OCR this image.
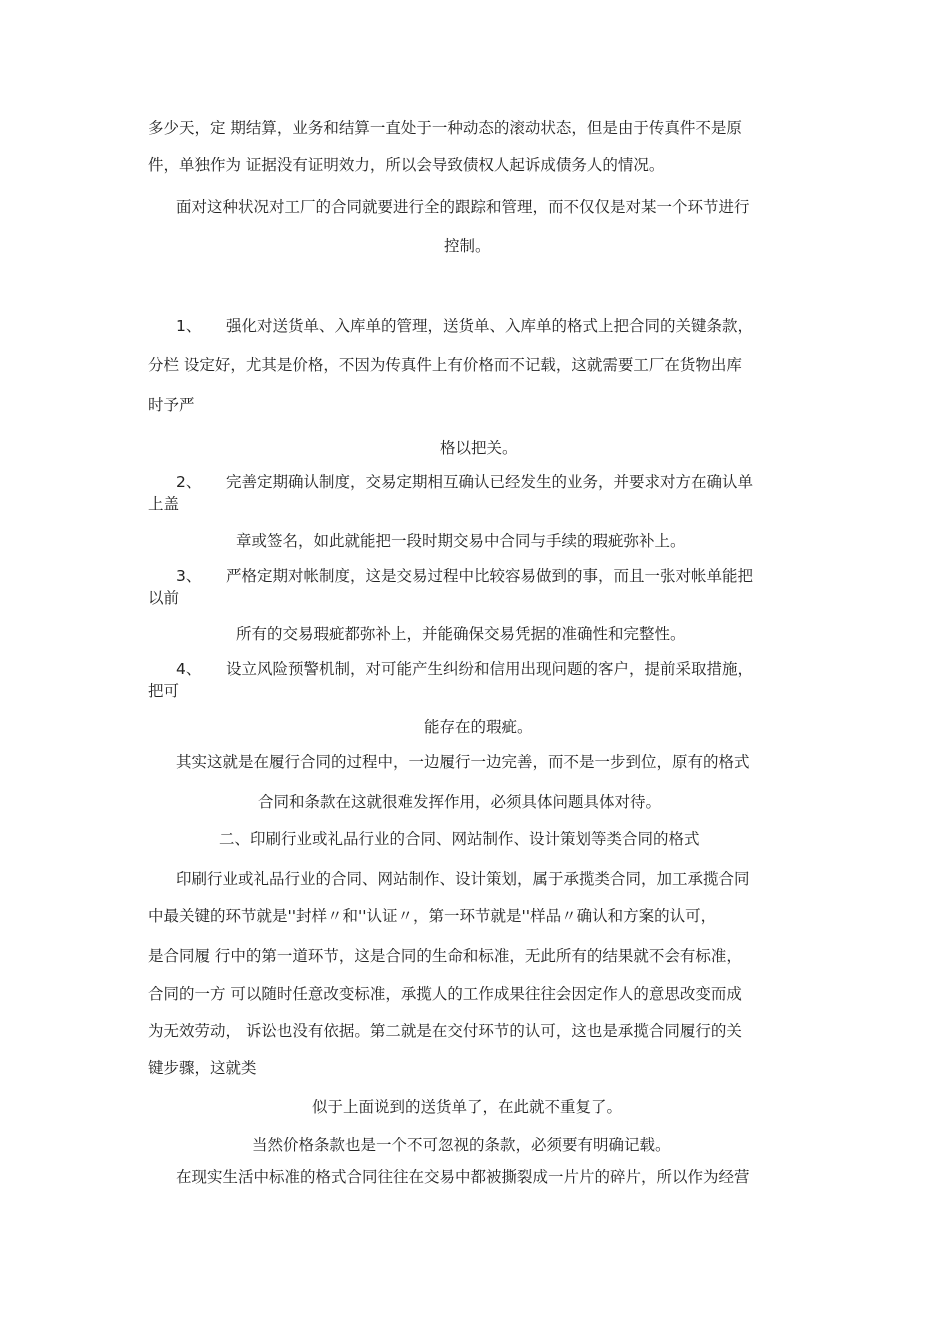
多少天，定 期结算，业务和结算一直处于一种动态的滚动状态，但是由于传真件不是原
件，单独作为 证据没有证明效力，所以会导致债权人起诉成债务人的情况。
面对这种状况对工厂的合同就要进行全的跟踪和管理，而不仅仅是对某一个环节进行
控制。
1、 强化对送货单、入库单的管理，送货单、入库单的格式上把合同的关键条款，
分栏 设定好，尤其是价格，不因为传真件上有价格而不记载，这就需要工厂在货物出库
时予严
格以把关。
2、 完善定期确认制度，交易定期相互确认已经发生的业务，并要求对方在确认单
上盖
章或签名，如此就能把一段时期交易中合同与手续的瑕疵弥补上。
3、 严格定期对帐制度，这是交易过程中比较容易做到的事，而且一张对帐单能把
以前
所有的交易瑕疵都弥补上，并能确保交易凭据的准确性和完整性。
4、 设立风险预警机制，对可能产生纠纷和信用出现问题的客户，提前采取措施，
把可
能存在的瑕疵。
其实这就是在履行合同的过程中，一边履行一边完善，而不是一步到位，原有的格式
合同和条款在这就很难发挥作用，必须具体问题具体对待。
二、印刷行业或礼品行业的合同、网站制作、设计策划等类合同的格式
印刷行业或礼品行业的合同、网站制作、设计策划，属于承揽类合同，加工承揽合同
中最关键的环节就是''封样〃和''认证〃，第一环节就是''样品〃确认和方案的认可，
是合同履 行中的第一道环节，这是合同的生命和标准，无此所有的结果就不会有标准，
合同的一方 可以随时任意改变标准，承揽人的工作成果往往会因定作人的意思改变而成
为无效劳动， 诉讼也没有依据。第二就是在交付环节的认可，这也是承揽合同履行的关
键步骤，这就类
似于上面说到的送货单了，在此就不重复了。
当然价格条款也是一个不可忽视的条款，必须要有明确记载。
在现实生活中标准的格式合同往往在交易中都被撕裂成一片片的碎片，所以作为经营
